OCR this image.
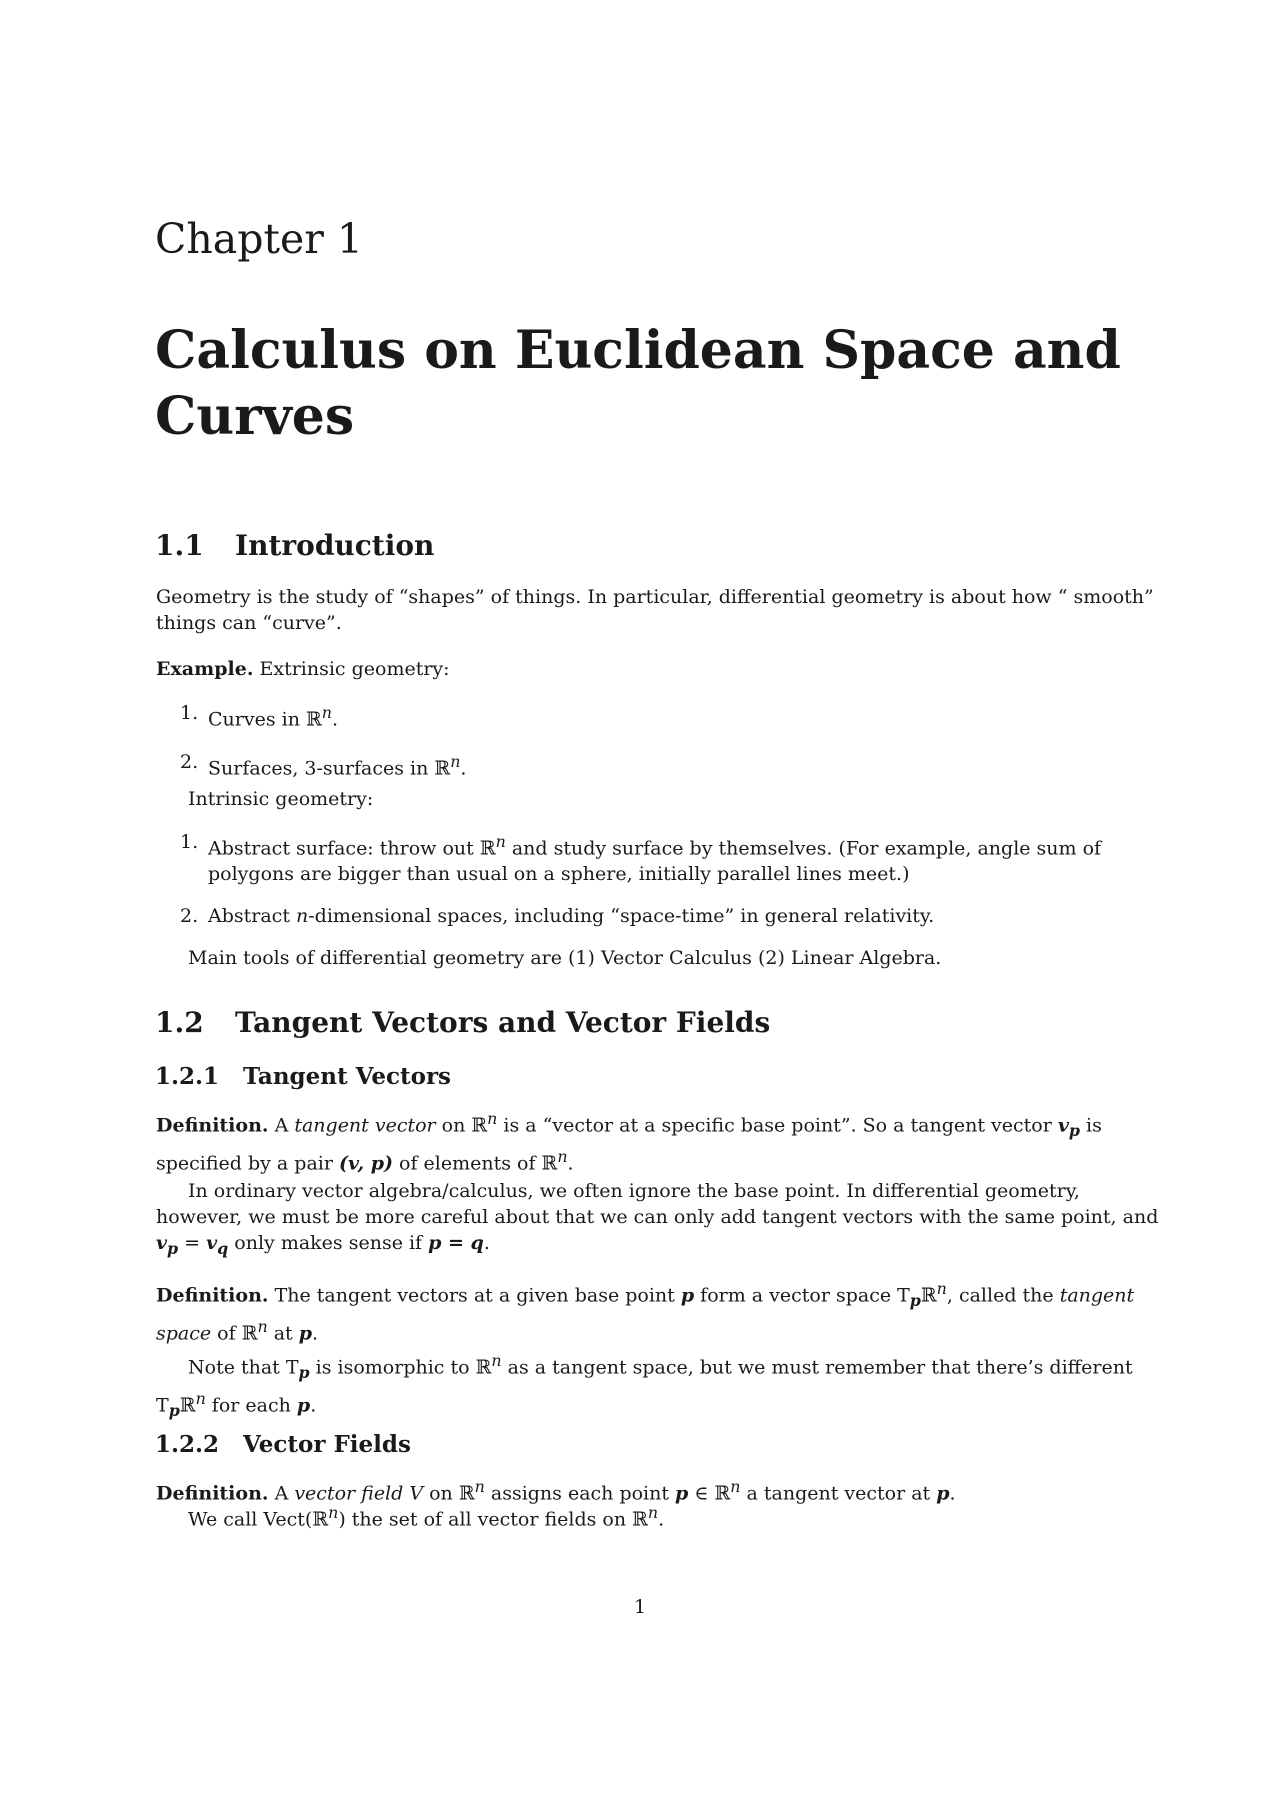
Chapter 1
Calculus on Euclidean Space and Curves
1.1 Introduction
Geometry is the study of “shapes” of things. In particular, differential geometry is about how “ smooth” things can “curve”.
Example. Extrinsic geometry:
1. Curves in ℝ$^n$.
2. Surfaces, 3-surfaces in ℝ$^n$.
Intrinsic geometry:
1. Abstract surface: throw out ℝ$^n$ and study surface by themselves. (For example, angle sum of polygons are bigger than usual on a sphere, initially parallel lines meet.)
2. Abstract n-dimensional spaces, including “space-time” in general relativity.
Main tools of differential geometry are (1) Vector Calculus (2) Linear Algebra.
1.2 Tangent Vectors and Vector Fields
1.2.1 Tangent Vectors
Definition. A tangent vector on ℝ$^n$ is a “vector at a specific base point”. So a tangent vector $v_p$ is specified by a pair (v, p) of elements of ℝ$^n$.
In ordinary vector algebra/calculus, we often ignore the base point. In differential geometry, however, we must be more careful about that we can only add tangent vectors with the same point, and $v_p = v_q$ only makes sense if p = q.
Definition. The tangent vectors at a given base point p form a vector space $T_pℝ^n$, called the tangent space of ℝ$^n$ at p.
Note that $T_p$ is isomorphic to ℝ$^n$ as a tangent space, but we must remember that there’s different $T_pℝ^n$ for each p.
1.2.2 Vector Fields
Definition. A vector field V on ℝ$^n$ assigns each point p ∈ ℝ$^n$ a tangent vector at p.
We call Vect(ℝ$^n$) the set of all vector fields on ℝ$^n$.
1
